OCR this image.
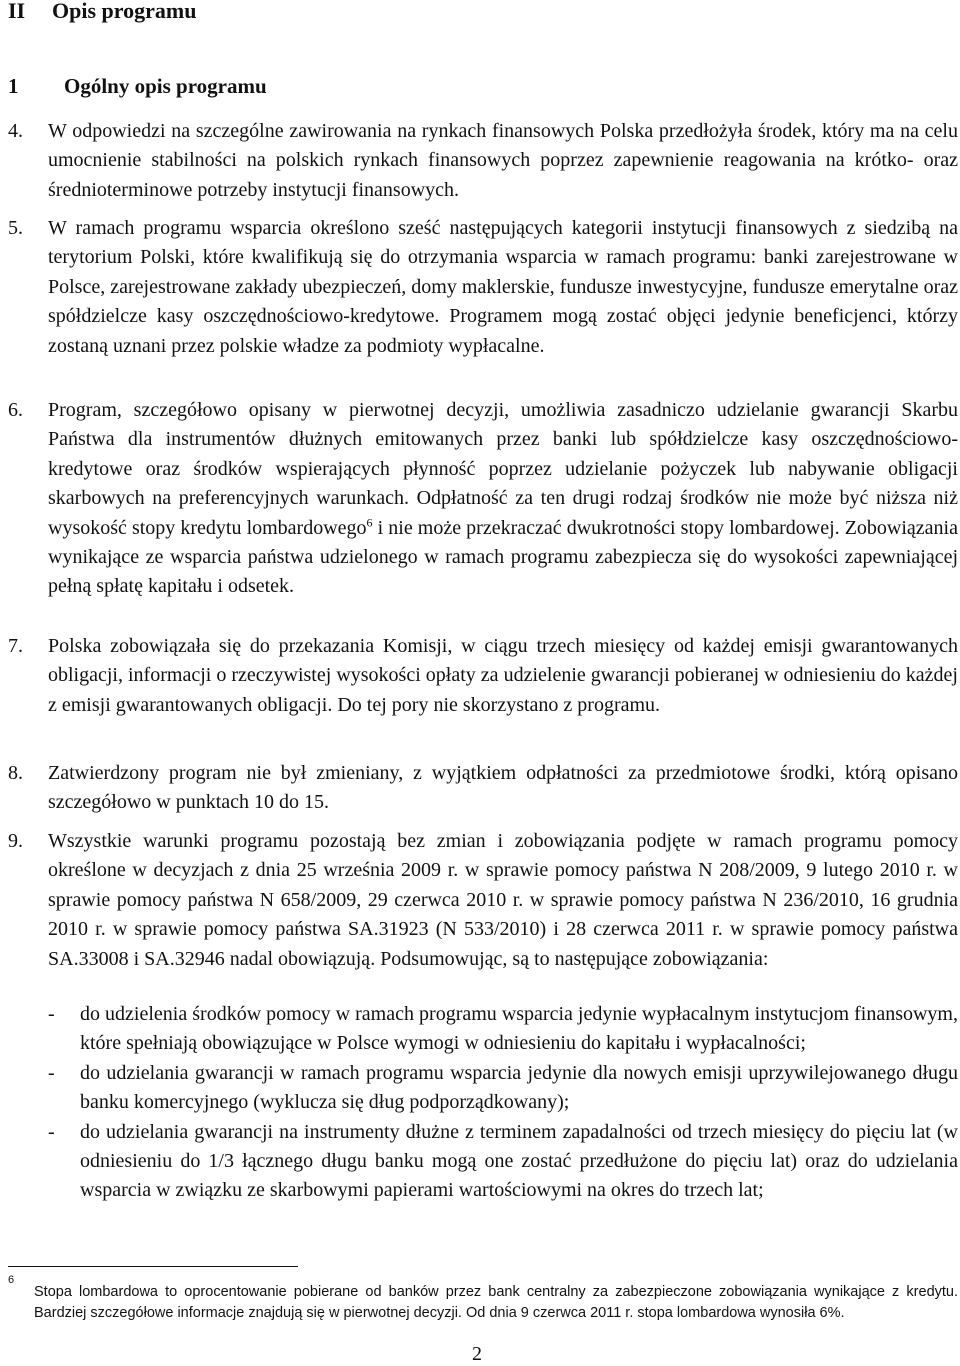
II Opis programu
1 Ogólny opis programu
4. W odpowiedzi na szczególne zawirowania na rynkach finansowych Polska przedłożyła środek, który ma na celu umocnienie stabilności na polskich rynkach finansowych poprzez zapewnienie reagowania na krótko- oraz średnioterminowe potrzeby instytucji finansowych.
5. W ramach programu wsparcia określono sześć następujących kategorii instytucji finansowych z siedzibą na terytorium Polski, które kwalifikują się do otrzymania wsparcia w ramach programu: banki zarejestrowane w Polsce, zarejestrowane zakłady ubezpieczeń, domy maklerskie, fundusze inwestycyjne, fundusze emerytalne oraz spółdzielcze kasy oszczędnościowo-kredytowe. Programem mogą zostać objęci jedynie beneficjenci, którzy zostaną uznani przez polskie władze za podmioty wypłacalne.
6. Program, szczegółowo opisany w pierwotnej decyzji, umożliwia zasadniczo udzielanie gwarancji Skarbu Państwa dla instrumentów dłużnych emitowanych przez banki lub spółdzielcze kasy oszczędnościowo-kredytowe oraz środków wspierających płynność poprzez udzielanie pożyczek lub nabywanie obligacji skarbowych na preferencyjnych warunkach. Odpłatność za ten drugi rodzaj środków nie może być niższa niż wysokość stopy kredytu lombardowego$^6$ i nie może przekraczać dwukrotności stopy lombardowej. Zobowiązania wynikające ze wsparcia państwa udzielonego w ramach programu zabezpiecza się do wysokości zapewniającej pełną spłatę kapitału i odsetek.
7. Polska zobowiązała się do przekazania Komisji, w ciągu trzech miesięcy od każdej emisji gwarantowanych obligacji, informacji o rzeczywistej wysokości opłaty za udzielenie gwarancji pobieranej w odniesieniu do każdej z emisji gwarantowanych obligacji. Do tej pory nie skorzystano z programu.
8. Zatwierdzony program nie był zmieniany, z wyjątkiem odpłatności za przedmiotowe środki, którą opisano szczegółowo w punktach 10 do 15.
9. Wszystkie warunki programu pozostają bez zmian i zobowiązania podjęte w ramach programu pomocy określone w decyzjach z dnia 25 września 2009 r. w sprawie pomocy państwa N 208/2009, 9 lutego 2010 r. w sprawie pomocy państwa N 658/2009, 29 czerwca 2010 r. w sprawie pomocy państwa N 236/2010, 16 grudnia 2010 r. w sprawie pomocy państwa SA.31923 (N 533/2010) i 28 czerwca 2011 r. w sprawie pomocy państwa SA.33008 i SA.32946 nadal obowiązują. Podsumowując, są to następujące zobowiązania:
- do udzielenia środków pomocy w ramach programu wsparcia jedynie wypłacalnym instytucjom finansowym, które spełniają obowiązujące w Polsce wymogi w odniesieniu do kapitału i wypłacalności;
- do udzielania gwarancji w ramach programu wsparcia jedynie dla nowych emisji uprzywilejowanego długu banku komercyjnego (wyklucza się dług podporządkowany);
- do udzielania gwarancji na instrumenty dłużne z terminem zapadalności od trzech miesięcy do pięciu lat (w odniesieniu do 1/3 łącznego długu banku mogą one zostać przedłużone do pięciu lat) oraz do udzielania wsparcia w związku ze skarbowymi papierami wartościowymi na okres do trzech lat;
6
Stopa lombardowa to oprocentowanie pobierane od banków przez bank centralny za zabezpieczone zobowiązania wynikające z kredytu. Bardziej szczegółowe informacje znajdują się w pierwotnej decyzji. Od dnia 9 czerwca 2011 r. stopa lombardowa wynosiła 6%.
2
